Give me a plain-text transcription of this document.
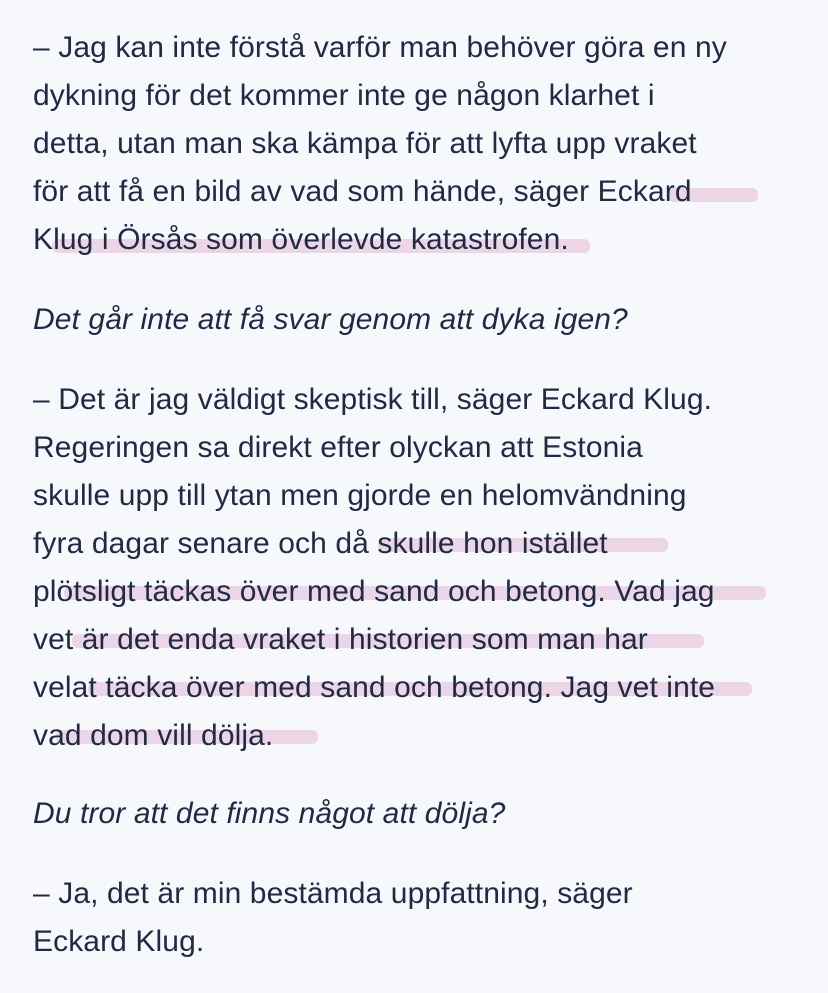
– Jag kan inte förstå varför man behöver göra en ny
dykning för det kommer inte ge någon klarhet i
detta, utan man ska kämpa för att lyfta upp vraket
för att få en bild av vad som hände, säger Eckard
Klug i Örsås som överlevde katastrofen.
Det går inte att få svar genom att dyka igen?
– Det är jag väldigt skeptisk till, säger Eckard Klug.
Regeringen sa direkt efter olyckan att Estonia
skulle upp till ytan men gjorde en helomvändning
fyra dagar senare och då skulle hon istället
plötsligt täckas över med sand och betong. Vad jag
vet är det enda vraket i historien som man har
velat täcka över med sand och betong. Jag vet inte
vad dom vill dölja.
Du tror att det finns något att dölja?
– Ja, det är min bestämda uppfattning, säger
Eckard Klug.
